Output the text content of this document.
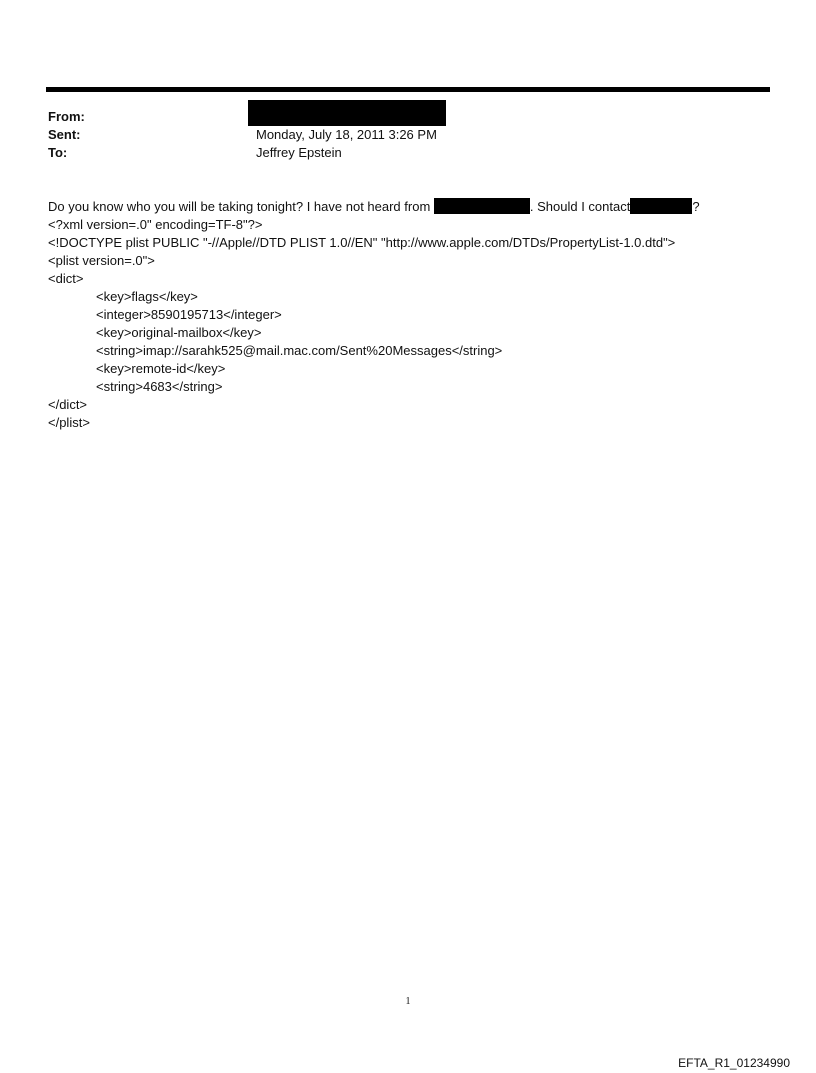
From:
Sent:	Monday, July 18, 2011 3:26 PM
To:	Jeffrey Epstein
Do you know who you will be taking tonight? I have not heard from	. Should I contact	?
<?xml version=.0" encoding=TF-8"?>
<!DOCTYPE plist PUBLIC "-//Apple//DTD PLIST 1.0//EN" "http://www.apple.com/DTDs/PropertyList-1.0.dtd">
<plist version=.0">
<dict>
<key>flags</key>
<integer>8590195713</integer>
<key>original-mailbox</key>
<string>imap://sarahk525@mail.mac.com/Sent%20Messages</string>
<key>remote-id</key>
<string>4683</string>
</dict>
</plist>
1
EFTA_R1_01234990
